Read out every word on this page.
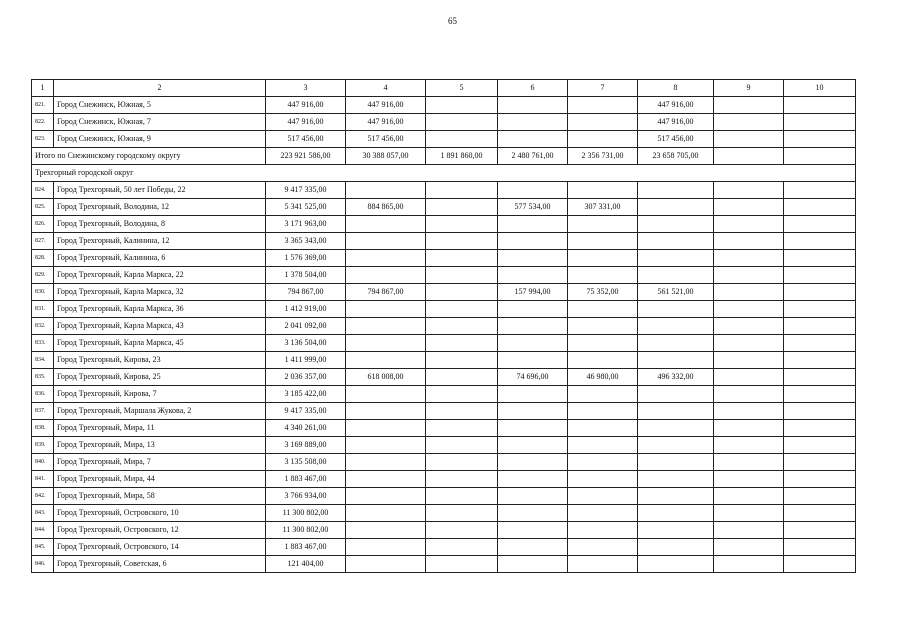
65
1	2	3	4	5	6	7	8	9	10
821.	Город Снежинск, Южная, 5	447 916,00	447 916,00				447 916,00		
822.	Город Снежинск, Южная, 7	447 916,00	447 916,00				447 916,00		
823.	Город Снежинск, Южная, 9	517 456,00	517 456,00				517 456,00		
Итого по Снежинскому городскому округу		223 921 586,00	30 388 057,00	1 891 860,00	2 480 761,00	2 356 731,00	23 658 705,00		
Трехгорный городской округ									
824.	Город Трехгорный, 50 лет Победы, 22	9 417 335,00							
825.	Город Трехгорный, Володина, 12	5 341 525,00	884 865,00		577 534,00	307 331,00			
826.	Город Трехгорный, Володина, 8	3 171 963,00							
827.	Город Трехгорный, Калинина, 12	3 365 343,00							
828.	Город Трехгорный, Калинина, 6	1 576 369,00							
829.	Город Трехгорный, Карла Маркса, 22	1 378 504,00							
830.	Город Трехгорный, Карла Маркса, 32	794 867,00	794 867,00		157 994,00	75 352,00	561 521,00		
831.	Город Трехгорный, Карла Маркса, 36	1 412 919,00							
832.	Город Трехгорный, Карла Маркса, 43	2 041 092,00							
833.	Город Трехгорный, Карла Маркса, 45	3 136 504,00							
834.	Город Трехгорный, Кирова, 23	1 411 999,00							
835.	Город Трехгорный, Кирова, 25	2 036 357,00	618 008,00		74 696,00	46 980,00	496 332,00		
836.	Город Трехгорный, Кирова, 7	3 185 422,00							
837.	Город Трехгорный, Маршала Жукова, 2	9 417 335,00							
838.	Город Трехгорный, Мира, 11	4 340 261,00							
839.	Город Трехгорный, Мира, 13	3 169 889,00							
840.	Город Трехгорный, Мира, 7	3 135 508,00							
841.	Город Трехгорный, Мира, 44	1 883 467,00							
842.	Город Трехгорный, Мира, 58	3 766 934,00							
843.	Город Трехгорный, Островского, 10	11 300 802,00							
844.	Город Трехгорный, Островского, 12	11 300 802,00							
845.	Город Трехгорный, Островского, 14	1 883 467,00							
846.	Город Трехгорный, Советская, 6	121 404,00							
